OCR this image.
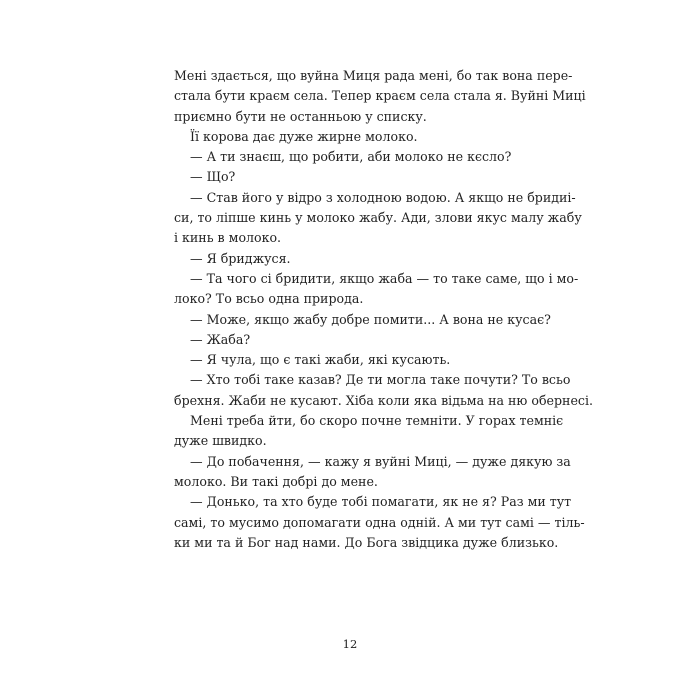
Мені здається, що вуйна Миця рада мені, бо так вона пере-
стала бути краєм села. Тепер краєм села стала я. Вуйні Миці
приємно бути не останньою у списку.
Її корова дає дуже жирне молоко.
— А ти знаєш, що робити, аби молоко не кєсло?
— Що?
— Став його у відро з холодною водою. А якщо не бридиі-
си, то ліпше кинь у молоко жабу. Ади, злови якус малу жабу
і кинь в молоко.
— Я бриджуся.
— Та чого сі бридити, якщо жаба — то таке саме, що і мо-
локо? То всьо одна природа.
— Може, якщо жабу добре помити... А вона не кусає?
— Жаба?
— Я чула, що є такі жаби, які кусають.
— Хто тобі таке казав? Де ти могла таке почути? То всьо
брехня. Жаби не кусают. Хіба коли яка відьма на ню обернесі.
Мені треба йти, бо скоро почне темніти. У горах темніє
дуже швидко.
— До побачення, — кажу я вуйні Миці, — дуже дякую за
молоко. Ви такі добрі до мене.
— Донько, та хто буде тобі помагати, як не я? Раз ми тут
самі, то мусимо допомагати одна одній. А ми тут самі — тіль-
ки ми та й Бог над нами. До Бога звідцика дуже близько.
12
